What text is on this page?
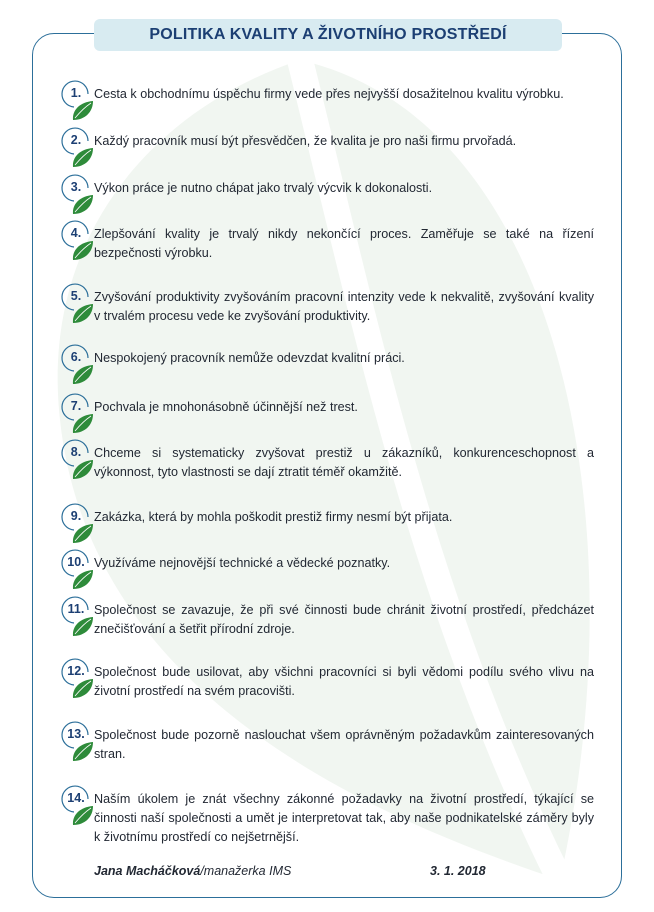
POLITIKA KVALITY A ŽIVOTNÍHO PROSTŘEDÍ
1.	Cesta k obchodnímu úspěchu firmy vede přes nejvyšší dosažitelnou kvalitu výrobku.
2.	Každý pracovník musí být přesvědčen, že kvalita je pro naši firmu prvořadá.
3.	Výkon práce je nutno chápat jako trvalý výcvik k dokonalosti.
4.	Zlepšování kvality je trvalý nikdy nekončící proces. Zaměřuje se také na řízení bezpečnosti výrobku.
5.	Zvyšování produktivity zvyšováním pracovní intenzity vede k nekvalitě, zvyšování kvality v trvalém procesu vede ke zvyšování produktivity.
6.	Nespokojený pracovník nemůže odevzdat kvalitní práci.
7.	Pochvala je mnohonásobně účinnější než trest.
8.	Chceme si systematicky zvyšovat prestiž u zákazníků, konkurenceschopnost a výkonnost, tyto vlastnosti se dají ztratit téměř okamžitě.
9.	Zakázka, která by mohla poškodit prestiž firmy nesmí být přijata.
10. Využíváme nejnovější technické a vědecké poznatky.
11. Společnost se zavazuje, že při své činnosti bude chránit životní prostředí, předcházet znečišťování a šetřit přírodní zdroje.
12. Společnost bude usilovat, aby všichni pracovníci si byli vědomi podílu svého vlivu na životní prostředí na svém pracovišti.
13. Společnost bude pozorně naslouchat všem oprávněným požadavkům zainteresovaných stran.
14. Naším úkolem je znát všechny zákonné požadavky na životní prostředí, týkající se činnosti naší společnosti a umět je interpretovat tak, aby naše podnikatelské záměry byly k životnímu prostředí co nejšetrnější.
Jana Macháčková/manažerka IMS	3. 1. 2018
